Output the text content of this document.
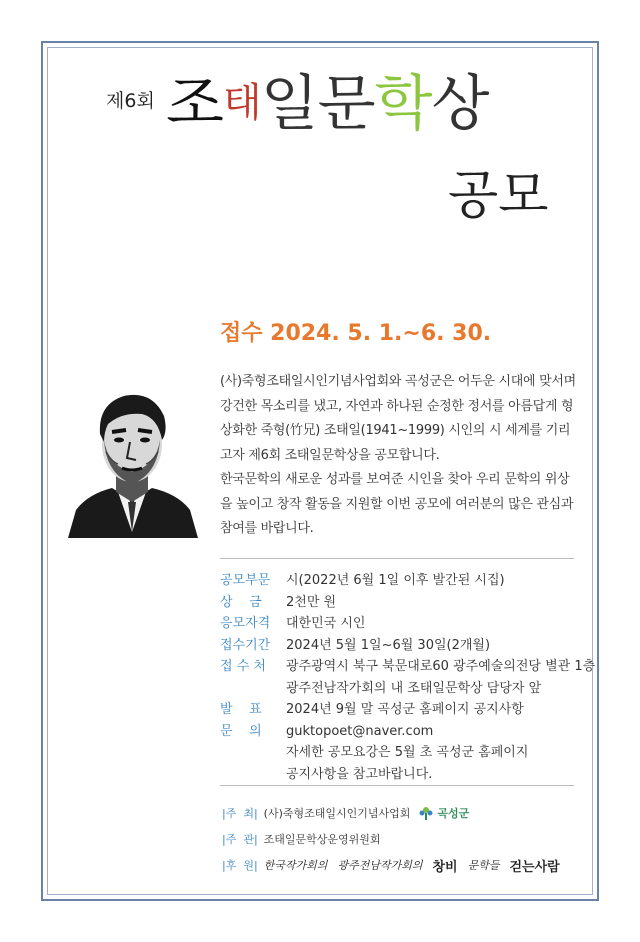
제6회 조태일문학상
공모
접수 2024. 5. 1.~6. 30.

(사)죽형조태일시인기념사업회와 곡성군은 어두운 시대에 맞서며 강건한 목소리를 냈고, 자연과 하나된 순정한 정서를 아름답게 형상화한 죽형(竹兄) 조태일(1941~1999) 시인의 시 세계를 기리고자 제6회 조태일문학상을 공모합니다.

한국문학의 새로운 성과를 보여준 시인을 찾아 우리 문학의 위상을 높이고 창작 활동을 지원할 이번 공모에 여러분의 많은 관심과 참여를 바랍니다.

공모부문	시(2022년 6월 1일 이후 발간된 시집)
상    금	2천만 원
응모자격	대한민국 시인
접수기간	2024년 5월 1일~6월 30일(2개월)
접 수 처	광주광역시 북구 북문대로60 광주예술의전당 별관 1층
광주전남작가회의 내 조태일문학상 담당자 앞
발    표	2024년 9월 말 곡성군 홈페이지 공지사항
문    의	guktopoet@naver.com
자세한 공모요강은 5월 초 곡성군 홈페이지
공지사항을 참고바랍니다.
|주  최| (사)죽형조태일시인기념사업회 곡성군
|주  관| 조태일문학상운영위원회
|후  원| 한국작가회의 광주전남작가회의 창비 문학들 걷는사람
